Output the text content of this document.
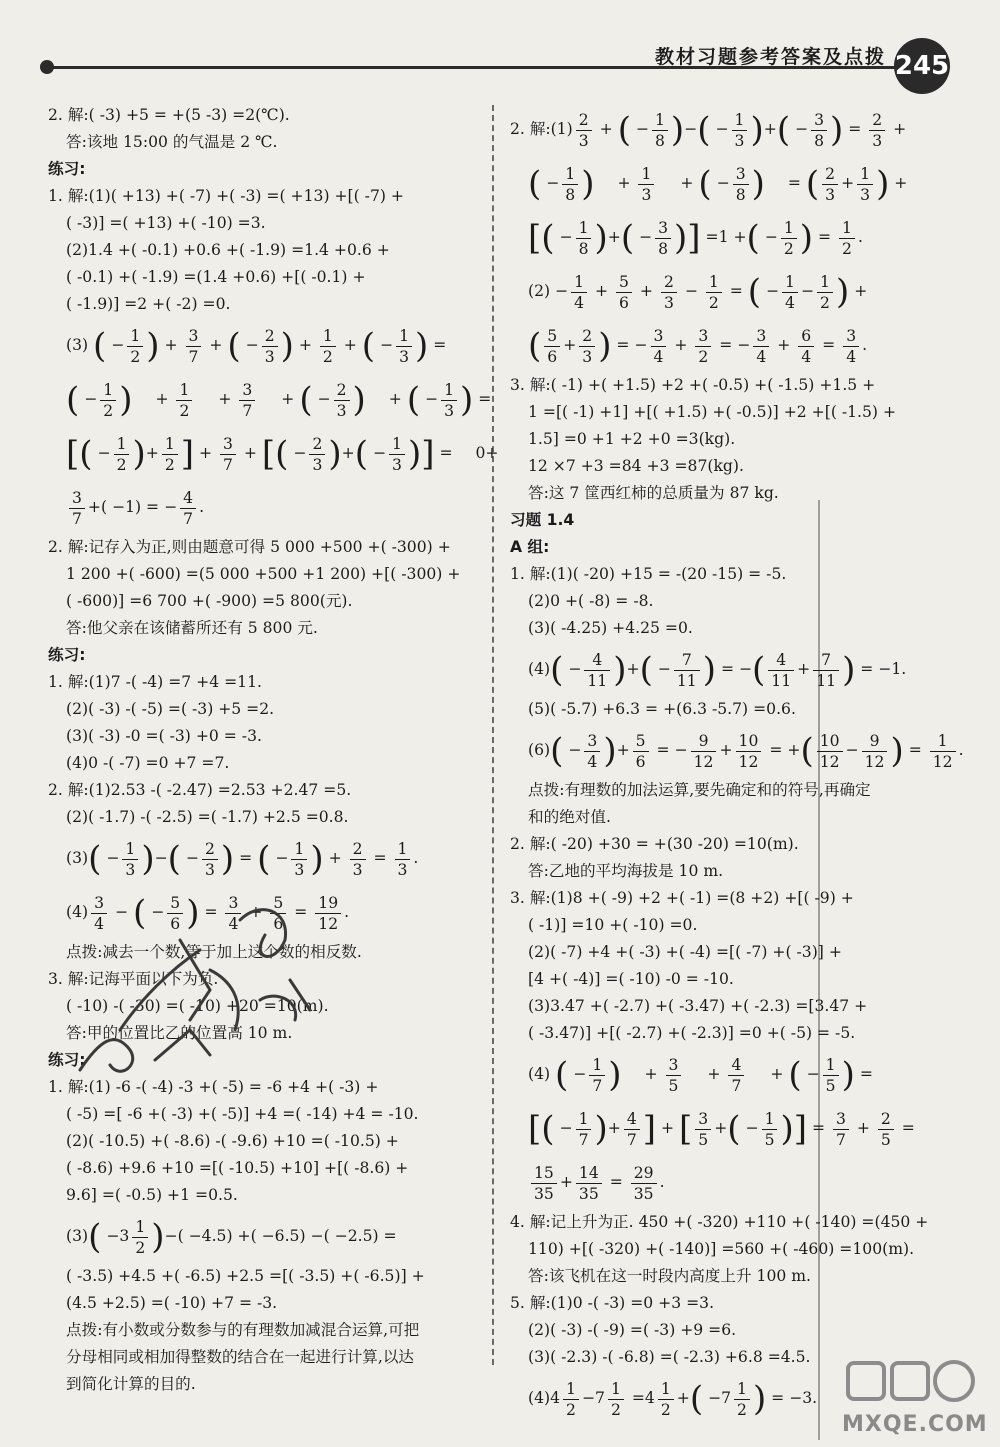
教材习题参考答案及点拨 245
2. 解:( -3) +5 = +(5 -3) =2(℃).
答:该地 15:00 的气温是 2 ℃.
练习:
1. 解:(1)( +13) +( -7) +( -3) =( +13) +[( -7) +
( -3)] =( +13) +( -10) =3.
(2)1.4 +( -0.1) +0.6 +( -1.9) =1.4 +0.6 +
( -0.1) +( -1.9) =(1.4 +0.6) +[( -0.1) +
( -1.9)] =2 +( -2) =0.
(3) ( − $\frac{1}{2}$ ) + $\frac{3}{7}$ + ( − $\frac{2}{3}$ ) + $\frac{1}{2}$ + ( − $\frac{1}{3}$ ) =
( − $\frac{1}{2}$ ) + $\frac{1}{2} + \frac{3}{7}$ + ( − $\frac{2}{3}$ ) + ( − $\frac{1}{3}$ ) =
[( − $\frac{1}{2}$ )+ $\frac{1}{2}$ ] + $\frac{3}{7}$ + [( − $\frac{2}{3}$ )+( − $\frac{1}{3}$ )] = 0+
$\frac{3}{7}$ +( −1) = − $\frac{4}{7}$ .
2. 解:记存入为正,则由题意可得 5 000 +500 +( -300) +
1 200 +( -600) =(5 000 +500 +1 200) +[( -300) +
( -600)] =6 700 +( -900) =5 800(元).
答:他父亲在该储蓄所还有 5 800 元.
练习:
1. 解:(1)7 -( -4) =7 +4 =11.
(2)( -3) -( -5) =( -3) +5 =2.
(3)( -3) -0 =( -3) +0 = -3.
(4)0 -( -7) =0 +7 =7.
2. 解:(1)2.53 -( -2.47) =2.53 +2.47 =5.
(2)( -1.7) -( -2.5) =( -1.7) +2.5 =0.8.
$(3)( - \frac{1}{3}$ )−( − $\frac{2}{3}$ ) = ( − $\frac{1}{3}$ ) + $\frac{2}{3} = \frac{1}{3}$ .
$(4) \frac{3}{4}$ − ( − $\frac{5}{6}$ ) = $\frac{3}{4} + \frac{5}{6} = \frac{19}{12}$ .
点拨:减去一个数,等于加上这个数的相反数.
3. 解:记海平面以下为负.
( -10) -( -30) =( -10) +20 =10(m).
答:甲的位置比乙的位置高 10 m.
练习:
1. 解:(1) -6 -( -4) -3 +( -5) = -6 +4 +( -3) +
( -5) =[ -6 +( -3) +( -5)] +4 =( -14) +4 = -10.
(2)( -10.5) +( -8.6) -( -9.6) +10 =( -10.5) +
( -8.6) +9.6 +10 =[( -10.5) +10] +[( -8.6) +
9.6] =( -0.5) +1 =0.5.
$(3)( -3 \frac{1}{2}$ )−( −4.5) +( −6.5) −( −2.5) =
( -3.5) +4.5 +( -6.5) +2.5 =[( -3.5) +( -6.5)] +
(4.5 +2.5) =( -10) +7 = -3.
点拨:有小数或分数参与的有理数加减混合运算,可把
分母相同或相加得整数的结合在一起进行计算,以达
到简化计算的目的.
2. 解:(1) $\frac{2}{3}$ + ( − $\frac{1}{8}$ )−( − $\frac{1}{3}$ )+( − $\frac{3}{8}$ ) = $\frac{2}{3}$ +
( − $\frac{1}{8}$ ) + $\frac{1}{3}$ + ( − $\frac{3}{8}$ ) = ( $\frac{2}{3} + \frac{1}{3}$ ) +
[( − $\frac{1}{8}$ )+( − $\frac{3}{8}$ )] =1 +( − $\frac{1}{2}$ ) = $\frac{1}{2}$ .
$(2) - \frac{1}{4} + \frac{5}{6} + \frac{2}{3} - \frac{1}{2}$ = ( − $\frac{1}{4} - \frac{1}{2}$ ) +
( $\frac{5}{6} + \frac{2}{3}$ ) = − $\frac{3}{4} + \frac{3}{2}$ = − $\frac{3}{4} + \frac{6}{4} = \frac{3}{4}$ .
3. 解:( -1) +( +1.5) +2 +( -0.5) +( -1.5) +1.5 +
1 =[( -1) +1] +[( +1.5) +( -0.5)] +2 +[( -1.5) +
1.5] =0 +1 +2 +0 =3(kg).
12 ×7 +3 =84 +3 =87(kg).
答:这 7 筐西红柿的总质量为 87 kg.
习题 1.4
A 组:
1. 解:(1)( -20) +15 = -(20 -15) = -5.
(2)0 +( -8) = -8.
(3)( -4.25) +4.25 =0.
$(4)( - \frac{4}{11}$ )+( − $\frac{7}{11}$ ) = −( $\frac{4}{11} + \frac{7}{11}$ ) = −1.
(5)( -5.7) +6.3 = +(6.3 -5.7) =0.6.
$(6)( - \frac{3}{4}$ )+ $\frac{5}{6}$ = − $\frac{9}{12} + \frac{10}{12}$ = +( $\frac{10}{12} - \frac{9}{12}$ ) = $\frac{1}{12}$ .
点拨:有理数的加法运算,要先确定和的符号,再确定
和的绝对值.
2. 解:( -20) +30 = +(30 -20) =10(m).
答:乙地的平均海拔是 10 m.
3. 解:(1)8 +( -9) +2 +( -1) =(8 +2) +[( -9) +
( -1)] =10 +( -10) =0.
(2)( -7) +4 +( -3) +( -4) =[( -7) +( -3)] +
[4 +( -4)] =( -10) -0 = -10.
(3)3.47 +( -2.7) +( -3.47) +( -2.3) =[3.47 +
( -3.47)] +[( -2.7) +( -2.3)] =0 +( -5) = -5.
(4) ( − $\frac{1}{7}$ ) + $\frac{3}{5} + \frac{4}{7}$ + ( − $\frac{1}{5}$ ) =
[( − $\frac{1}{7}$ )+ $\frac{4}{7}$ ] + [ $\frac{3}{5}$ +( − $\frac{1}{5}$ )] = $\frac{3}{7} + \frac{2}{5}$ =
$\frac{15}{35} + \frac{14}{35} = \frac{29}{35}$ .
4. 解:记上升为正. 450 +( -320) +110 +( -140) =(450 +
110) +[( -320) +( -140)] =560 +( -460) =100(m).
答:该飞机在这一时段内高度上升 100 m.
5. 解:(1)0 -( -3) =0 +3 =3.
(2)( -3) -( -9) =( -3) +9 =6.
(3)( -2.3) -( -6.8) =( -2.3) +6.8 =4.5.
$(4)4 \frac{1}{2} -7 \frac{1}{2} =4 \frac{1}{2}$ +( $-7 \frac{1}{2}$ ) = −3.
MXQE.COM
